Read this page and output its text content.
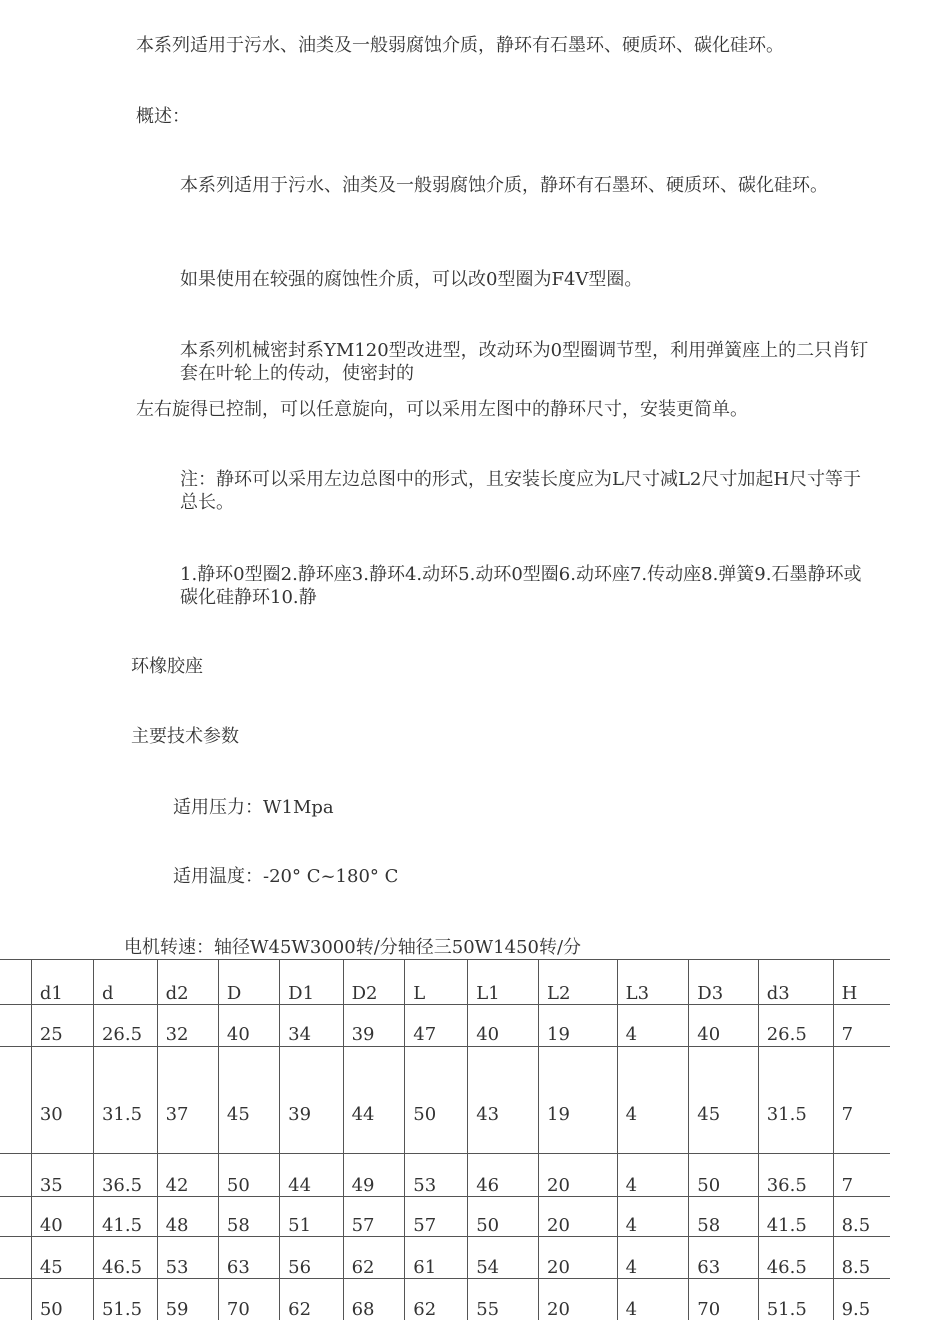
本系列适用于污水、油类及一般弱腐蚀介质，静环有石墨环、硬质环、碳化硅环。

概述：

本系列适用于污水、油类及一般弱腐蚀介质，静环有石墨环、硬质环、碳化硅环。

如果使用在较强的腐蚀性介质，可以改0型圈为F4V型圈。

本系列机械密封系YM120型改进型，改动环为0型圈调节型，利用弹簧座上的二只肖钉套在叶轮上的传动，使密封的

左右旋得已控制，可以任意旋向，可以采用左图中的静环尺寸，安装更简单。

注：静环可以采用左边总图中的形式，且安装长度应为L尺寸减L2尺寸加起H尺寸等于总长。

1.静环0型圈2.静环座3.静环4.动环5.动环0型圈6.动环座7.传动座8.弹簧9.石墨静环或碳化硅静环10.静

环橡胶座

主要技术参数

适用压力：W1Mpa

适用温度：-20° C~180° C

电机转速：轴径W45W3000转/分轴径三50W1450转/分

	d1	d	d2	D	D1	D2	L	L1	L2	L3	D3	d3	H
	25	26.5	32	40	34	39	47	40	19	4	40	26.5	7
	30	31.5	37	45	39	44	50	43	19	4	45	31.5	7
	35	36.5	42	50	44	49	53	46	20	4	50	36.5	7
	40	41.5	48	58	51	57	57	50	20	4	58	41.5	8.5
	45	46.5	53	63	56	62	61	54	20	4	63	46.5	8.5
	50	51.5	59	70	62	68	62	55	20	4	70	51.5	9.5
